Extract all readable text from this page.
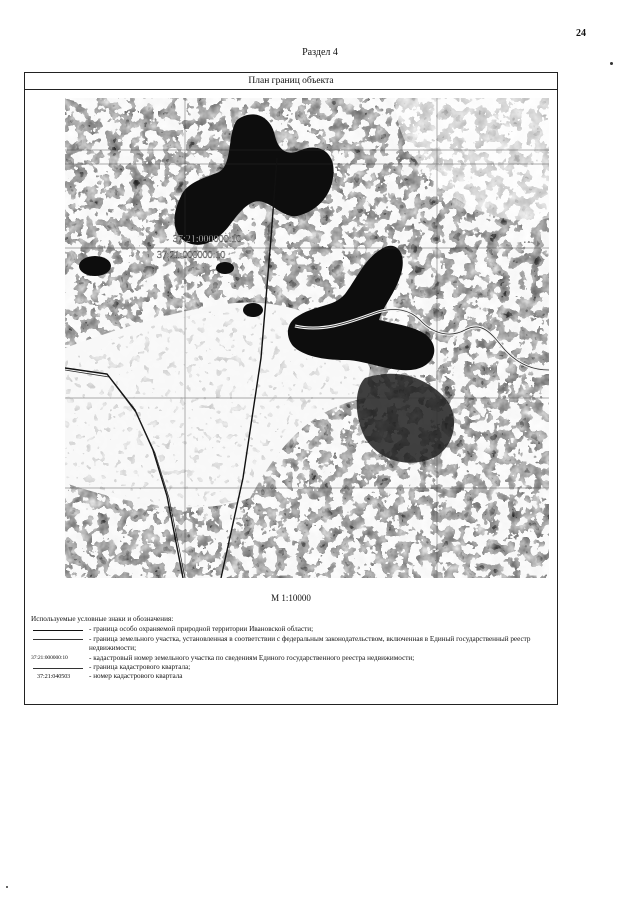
24
Раздел 4
План границ объекта
37:21:000000:10
37:21:000000:10
М 1:10000
Используемые условные знаки и обозначения:
- граница особо охраняемой природной территории Ивановской области;
- граница земельного участка, установленная в соответствии с федеральным законодательством, включенная в Единый государственный реестр недвижимости;
37:21:000000:10	- кадастровый номер земельного участка по сведениям Единого государственного реестра недвижимости;
- граница кадастрового квартала;
37:21:040503	- номер кадастрового квартала
